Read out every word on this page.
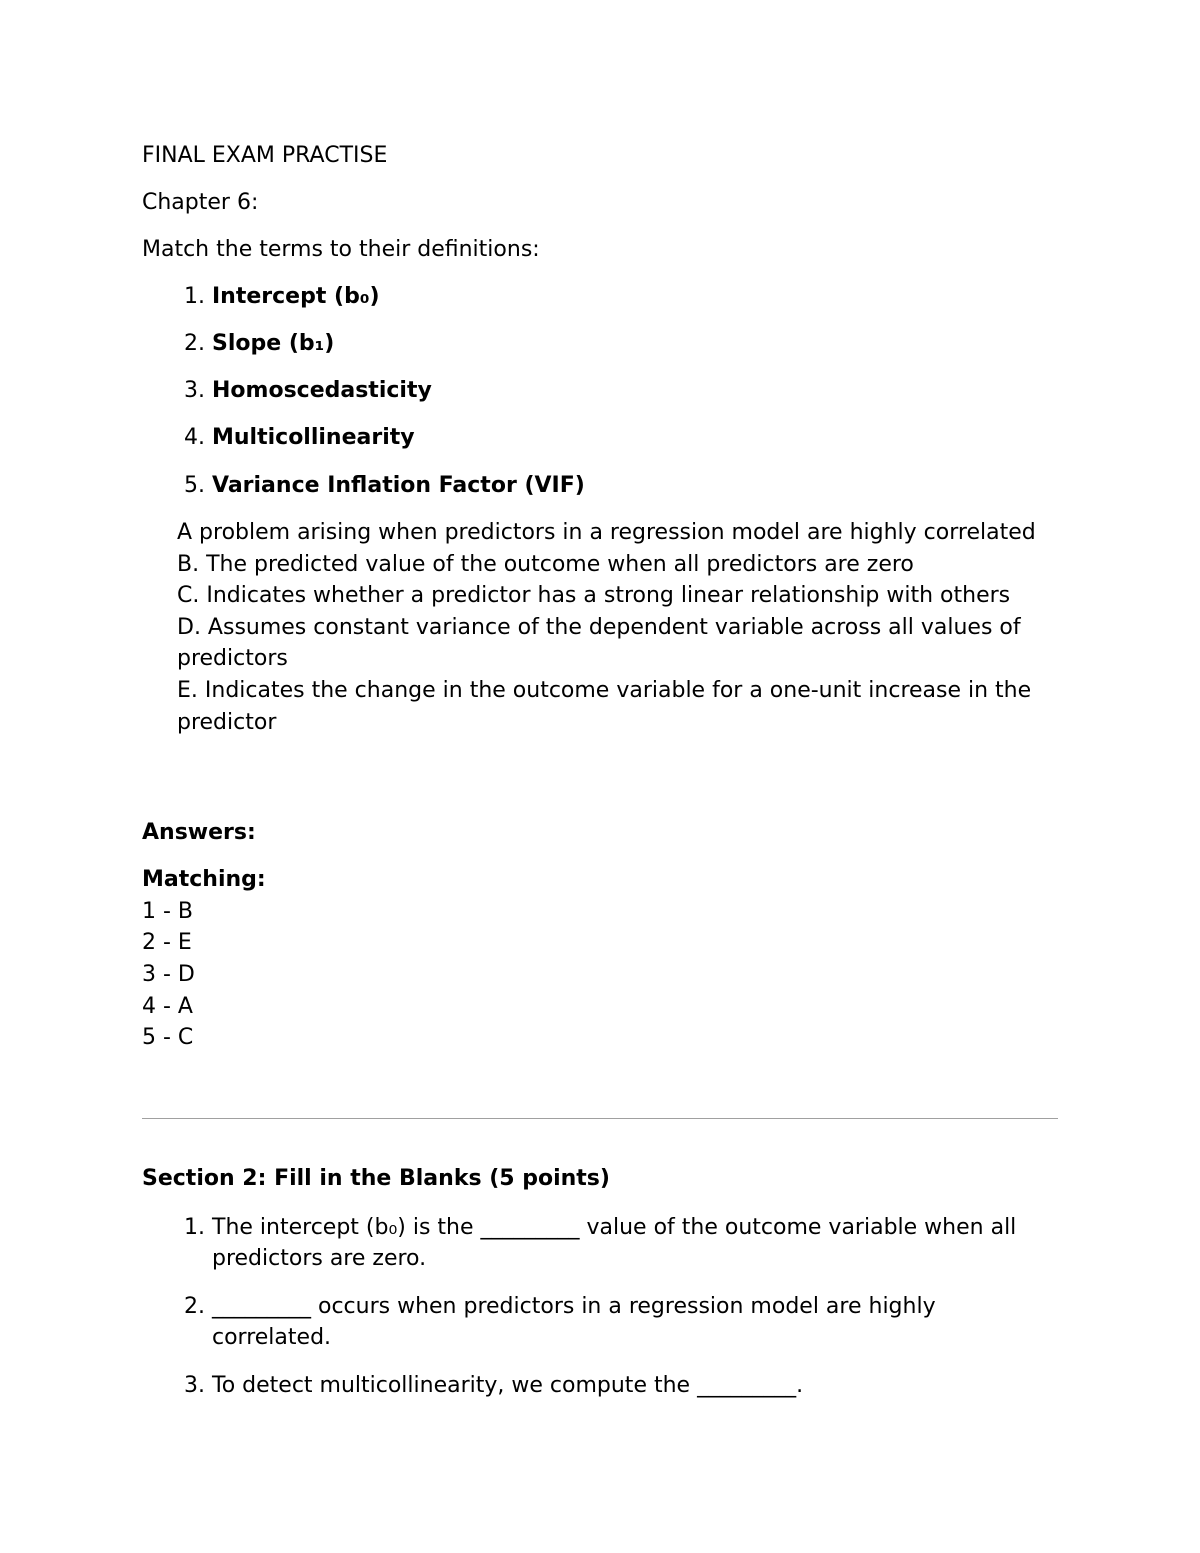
FINAL EXAM PRACTISE
Chapter 6:
Match the terms to their definitions:
1. Intercept (b₀)
2. Slope (b₁)
3. Homoscedasticity
4. Multicollinearity
5. Variance Inflation Factor (VIF)
A problem arising when predictors in a regression model are highly correlated
B. The predicted value of the outcome when all predictors are zero
C. Indicates whether a predictor has a strong linear relationship with others
D. Assumes constant variance of the dependent variable across all values of predictors
E. Indicates the change in the outcome variable for a one-unit increase in the predictor
Answers:
Matching:
1 - B
2 - E
3 - D
4 - A
5 - C
Section 2: Fill in the Blanks (5 points)
1. The intercept (b₀) is the _________ value of the outcome variable when all predictors are zero.
2. _________ occurs when predictors in a regression model are highly correlated.
3. To detect multicollinearity, we compute the _________.
